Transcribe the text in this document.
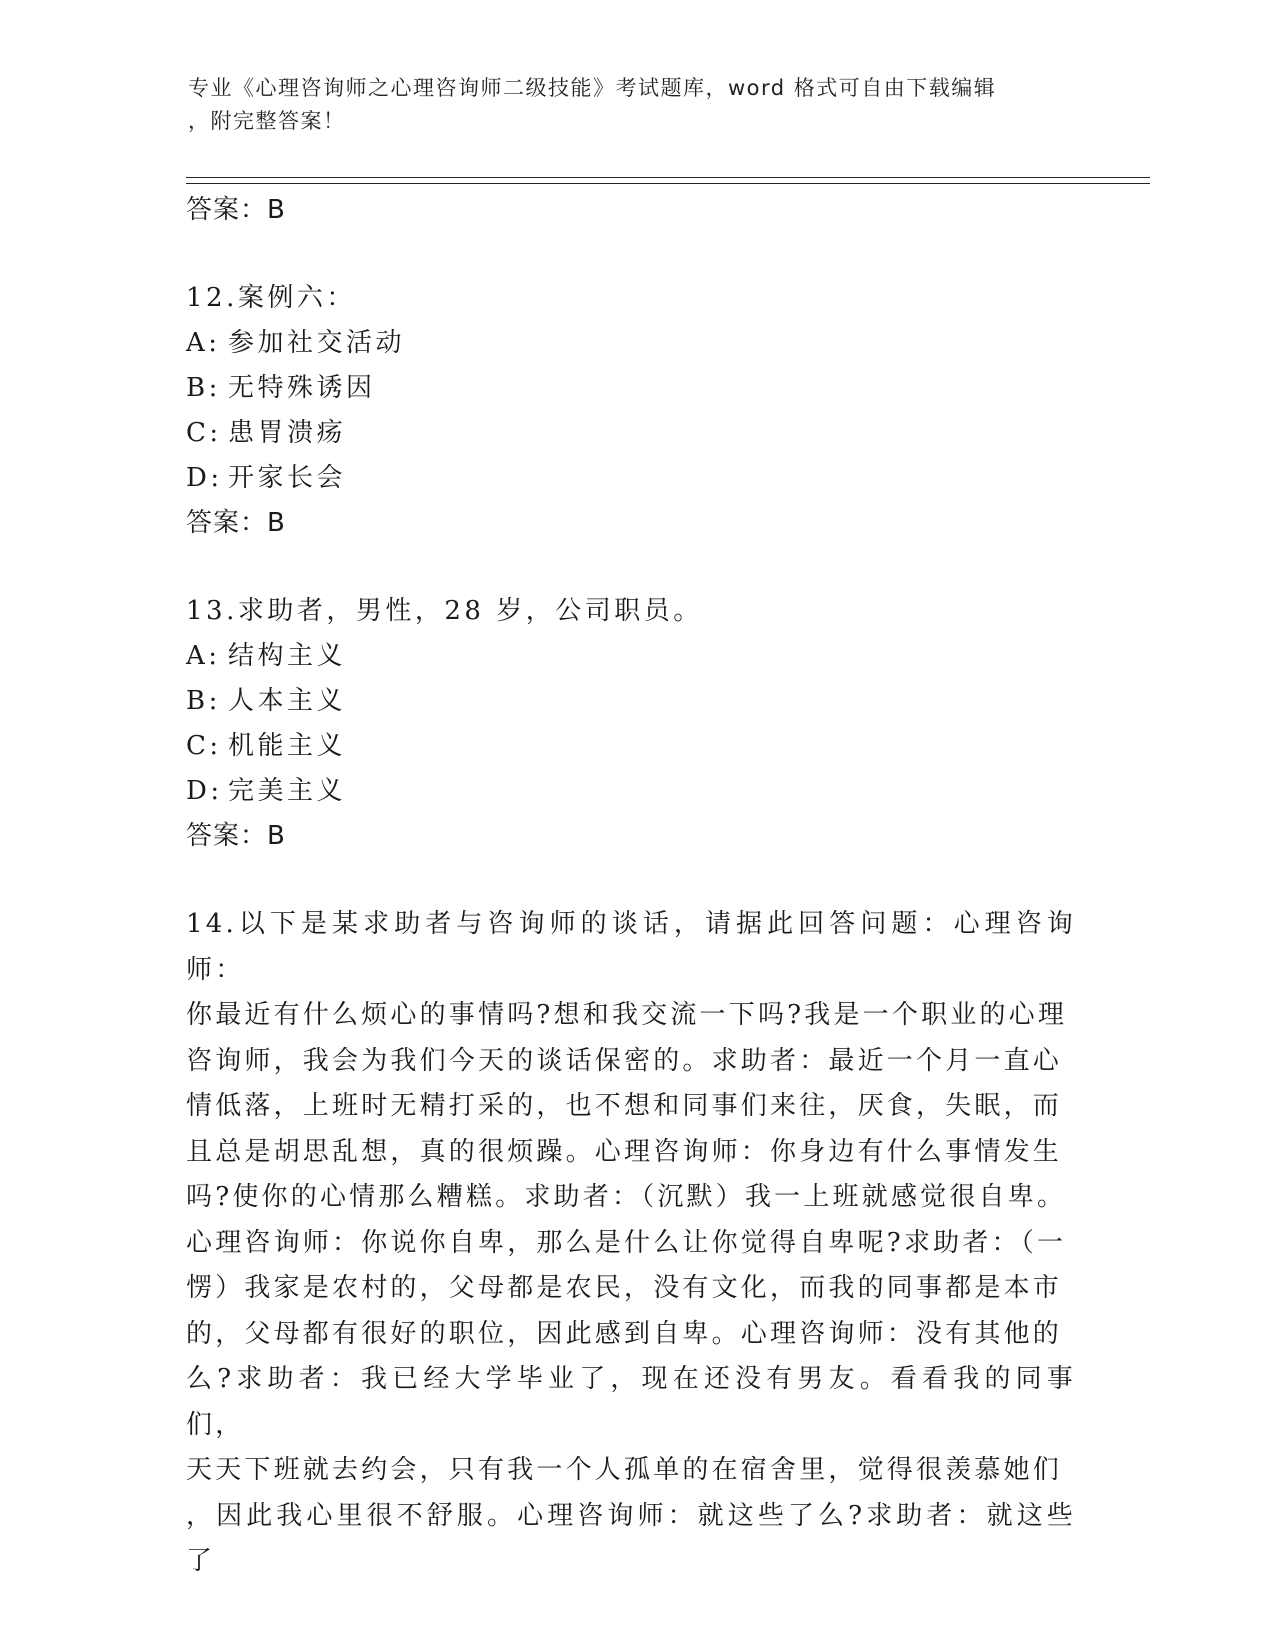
专业《心理咨询师之心理咨询师二级技能》考试题库，word 格式可自由下载编辑
，附完整答案！

答案：B

12.案例六：

A: 参加社交活动

B: 无特殊诱因

C: 患胃溃疡

D: 开家长会

答案：B

13.求助者，男性，28 岁，公司职员。

A: 结构主义

B: 人本主义

C: 机能主义

D: 完美主义

答案：B

14.以下是某求助者与咨询师的谈话，请据此回答问题：心理咨询师：

你最近有什么烦心的事情吗?想和我交流一下吗?我是一个职业的心理

咨询师，我会为我们今天的谈话保密的。求助者：最近一个月一直心

情低落，上班时无精打采的，也不想和同事们来往，厌食，失眠，而

且总是胡思乱想，真的很烦躁。心理咨询师：你身边有什么事情发生

吗?使你的心情那么糟糕。求助者：（沉默）我一上班就感觉很自卑。

心理咨询师：你说你自卑，那么是什么让你觉得自卑呢?求助者：（一

愣）我家是农村的，父母都是农民，没有文化，而我的同事都是本市

的，父母都有很好的职位，因此感到自卑。心理咨询师：没有其他的

么?求助者：我已经大学毕业了，现在还没有男友。看看我的同事们，

天天下班就去约会，只有我一个人孤单的在宿舍里，觉得很羡慕她们

，因此我心里很不舒服。心理咨询师：就这些了么?求助者：就这些了
